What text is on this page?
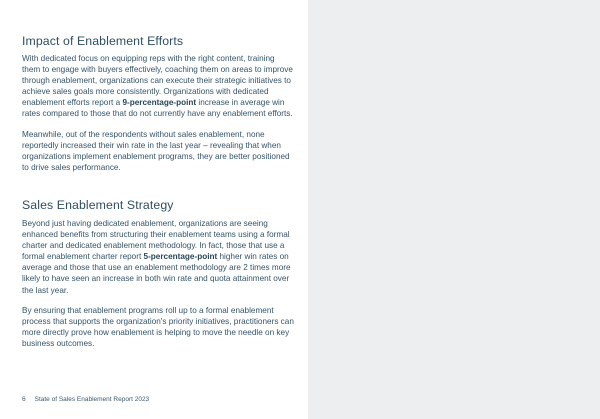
Impact of Enablement Efforts

With dedicated focus on equipping reps with the right content, training them to engage with buyers effectively, coaching them on areas to improve through enablement, organizations can execute their strategic initiatives to achieve sales goals more consistently. Organizations with dedicated enablement efforts report a 9-percentage-point increase in average win rates compared to those that do not currently have any enablement efforts.

Meanwhile, out of the respondents without sales enablement, none reportedly increased their win rate in the last year – revealing that when organizations implement enablement programs, they are better positioned to drive sales performance.

Sales Enablement Strategy

Beyond just having dedicated enablement, organizations are seeing enhanced benefits from structuring their enablement teams using a formal charter and dedicated enablement methodology. In fact, those that use a formal enablement charter report 5-percentage-point higher win rates on average and those that use an enablement methodology are 2 times more likely to have seen an increase in both win rate and quota attainment over the last year.

By ensuring that enablement programs roll up to a formal enablement process that supports the organization's priority initiatives, practitioners can more directly prove how enablement is helping to move the needle on key business outcomes.

6 State of Sales Enablement Report 2023
